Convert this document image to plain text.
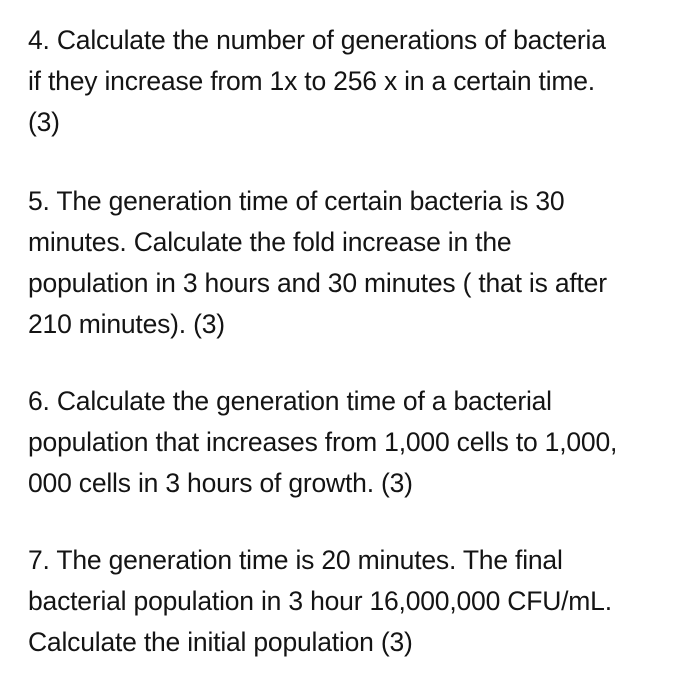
4. Calculate the number of generations of bacteria
if they increase from 1x to 256 x in a certain time.
(3)

5. The generation time of certain bacteria is 30
minutes. Calculate the fold increase in the
population in 3 hours and 30 minutes ( that is after
210 minutes). (3)

6. Calculate the generation time of a bacterial
population that increases from 1,000 cells to 1,000,
000 cells in 3 hours of growth. (3)

7. The generation time is 20 minutes. The final
bacterial population in 3 hour 16,000,000 CFU/mL.
Calculate the initial population (3)
